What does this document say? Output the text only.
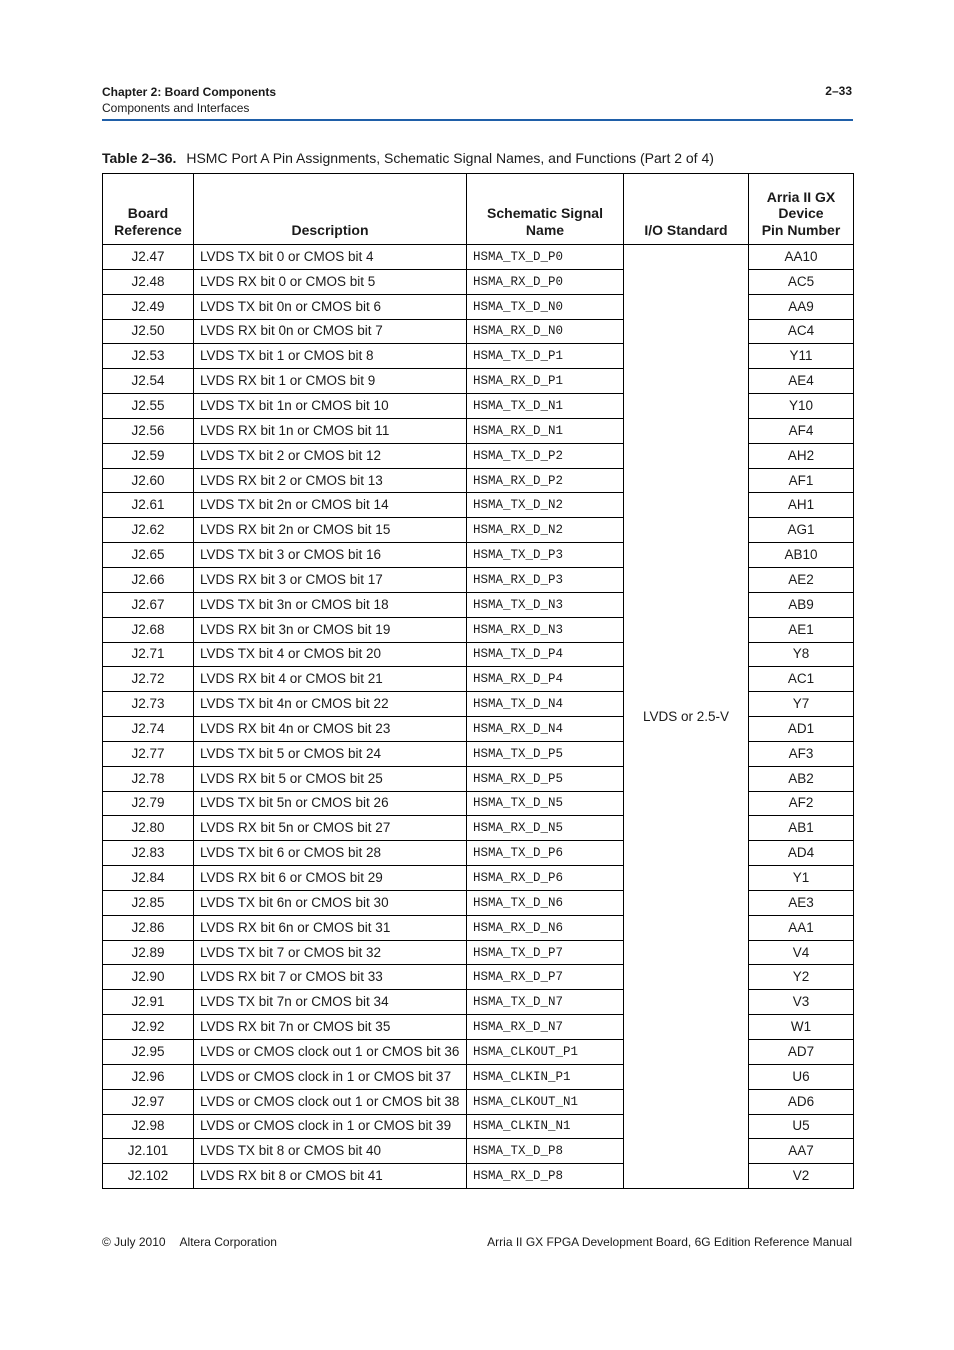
Chapter 2: Board Components
Components and Interfaces
2–33
Table 2–36. HSMC Port A Pin Assignments, Schematic Signal Names, and Functions (Part 2 of 4)
Board
Reference	Description	Schematic Signal
Name	I/O Standard	Arria II GX
Device
Pin Number
J2.47	LVDS TX bit 0 or CMOS bit 4	HSMA_TX_D_P0	LVDS or 2.5-V	AA10
J2.48	LVDS RX bit 0 or CMOS bit 5	HSMA_RX_D_P0		AC5
J2.49	LVDS TX bit 0n or CMOS bit 6	HSMA_TX_D_N0		AA9
J2.50	LVDS RX bit 0n or CMOS bit 7	HSMA_RX_D_N0		AC4
J2.53	LVDS TX bit 1 or CMOS bit 8	HSMA_TX_D_P1		Y11
J2.54	LVDS RX bit 1 or CMOS bit 9	HSMA_RX_D_P1		AE4
J2.55	LVDS TX bit 1n or CMOS bit 10	HSMA_TX_D_N1		Y10
J2.56	LVDS RX bit 1n or CMOS bit 11	HSMA_RX_D_N1		AF4
J2.59	LVDS TX bit 2 or CMOS bit 12	HSMA_TX_D_P2		AH2
J2.60	LVDS RX bit 2 or CMOS bit 13	HSMA_RX_D_P2		AF1
J2.61	LVDS TX bit 2n or CMOS bit 14	HSMA_TX_D_N2		AH1
J2.62	LVDS RX bit 2n or CMOS bit 15	HSMA_RX_D_N2		AG1
J2.65	LVDS TX bit 3 or CMOS bit 16	HSMA_TX_D_P3		AB10
J2.66	LVDS RX bit 3 or CMOS bit 17	HSMA_RX_D_P3		AE2
J2.67	LVDS TX bit 3n or CMOS bit 18	HSMA_TX_D_N3		AB9
J2.68	LVDS RX bit 3n or CMOS bit 19	HSMA_RX_D_N3		AE1
J2.71	LVDS TX bit 4 or CMOS bit 20	HSMA_TX_D_P4		Y8
J2.72	LVDS RX bit 4 or CMOS bit 21	HSMA_RX_D_P4		AC1
J2.73	LVDS TX bit 4n or CMOS bit 22	HSMA_TX_D_N4		Y7
J2.74	LVDS RX bit 4n or CMOS bit 23	HSMA_RX_D_N4		AD1
J2.77	LVDS TX bit 5 or CMOS bit 24	HSMA_TX_D_P5		AF3
J2.78	LVDS RX bit 5 or CMOS bit 25	HSMA_RX_D_P5		AB2
J2.79	LVDS TX bit 5n or CMOS bit 26	HSMA_TX_D_N5		AF2
J2.80	LVDS RX bit 5n or CMOS bit 27	HSMA_RX_D_N5		AB1
J2.83	LVDS TX bit 6 or CMOS bit 28	HSMA_TX_D_P6		AD4
J2.84	LVDS RX bit 6 or CMOS bit 29	HSMA_RX_D_P6		Y1
J2.85	LVDS TX bit 6n or CMOS bit 30	HSMA_TX_D_N6		AE3
J2.86	LVDS RX bit 6n or CMOS bit 31	HSMA_RX_D_N6		AA1
J2.89	LVDS TX bit 7 or CMOS bit 32	HSMA_TX_D_P7		V4
J2.90	LVDS RX bit 7 or CMOS bit 33	HSMA_RX_D_P7		Y2
J2.91	LVDS TX bit 7n or CMOS bit 34	HSMA_TX_D_N7		V3
J2.92	LVDS RX bit 7n or CMOS bit 35	HSMA_RX_D_N7		W1
J2.95	LVDS or CMOS clock out 1 or CMOS bit 36	HSMA_CLKOUT_P1		AD7
J2.96	LVDS or CMOS clock in 1 or CMOS bit 37	HSMA_CLKIN_P1		U6
J2.97	LVDS or CMOS clock out 1 or CMOS bit 38	HSMA_CLKOUT_N1		AD6
J2.98	LVDS or CMOS clock in 1 or CMOS bit 39	HSMA_CLKIN_N1		U5
J2.101	LVDS TX bit 8 or CMOS bit 40	HSMA_TX_D_P8		AA7
J2.102	LVDS RX bit 8 or CMOS bit 41	HSMA_RX_D_P8		V2
© July 2010 Altera Corporation	Arria II GX FPGA Development Board, 6G Edition Reference Manual
